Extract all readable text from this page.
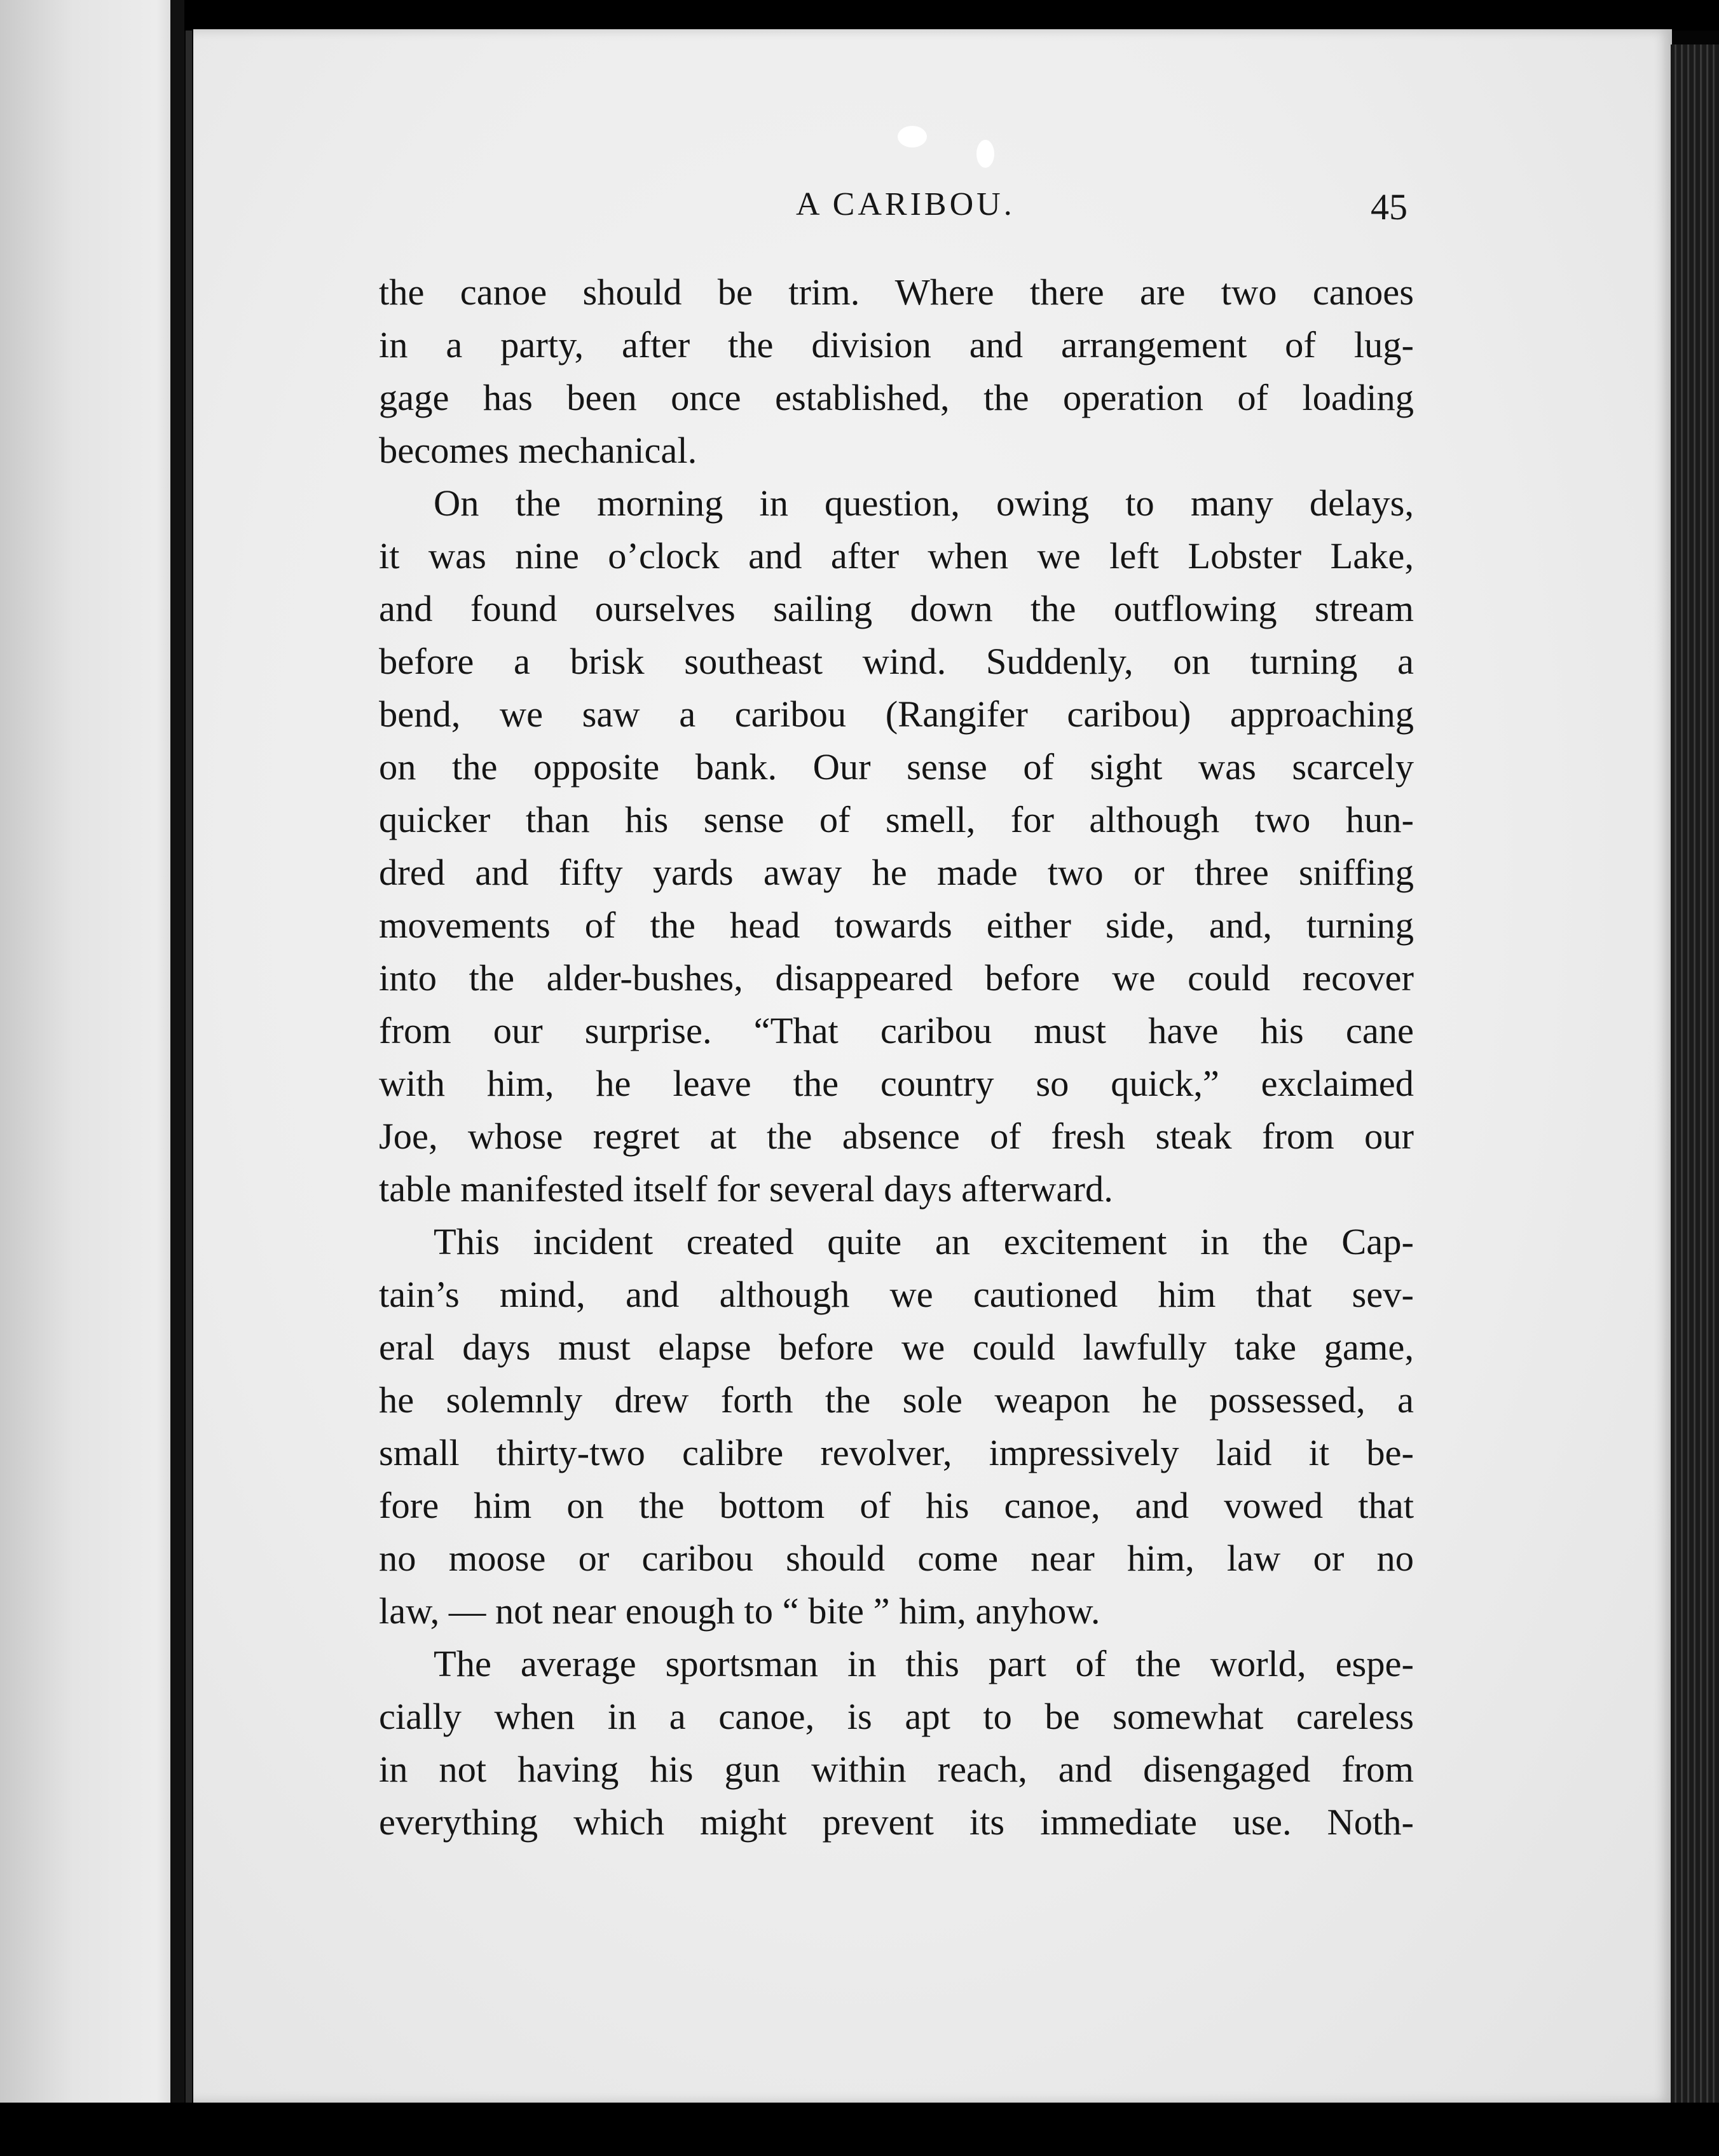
A CARIBOU.	45
the canoe should be trim. Where there are two canoes
in a party, after the division and arrangement of lug-
gage has been once established, the operation of loading
becomes mechanical.
On the morning in question, owing to many delays,
it was nine o’clock and after when we left Lobster Lake,
and found ourselves sailing down the outflowing stream
before a brisk southeast wind. Suddenly, on turning a
bend, we saw a caribou (Rangifer caribou) approaching
on the opposite bank. Our sense of sight was scarcely
quicker than his sense of smell, for although two hun-
dred and fifty yards away he made two or three sniffing
movements of the head towards either side, and, turning
into the alder-bushes, disappeared before we could recover
from our surprise. “That caribou must have his cane
with him, he leave the country so quick,” exclaimed
Joe, whose regret at the absence of fresh steak from our
table manifested itself for several days afterward.
This incident created quite an excitement in the Cap-
tain’s mind, and although we cautioned him that sev-
eral days must elapse before we could lawfully take game,
he solemnly drew forth the sole weapon he possessed, a
small thirty-two calibre revolver, impressively laid it be-
fore him on the bottom of his canoe, and vowed that
no moose or caribou should come near him, law or no
law, — not near enough to “ bite ” him, anyhow.
The average sportsman in this part of the world, espe-
cially when in a canoe, is apt to be somewhat careless
in not having his gun within reach, and disengaged from
everything which might prevent its immediate use. Noth-
